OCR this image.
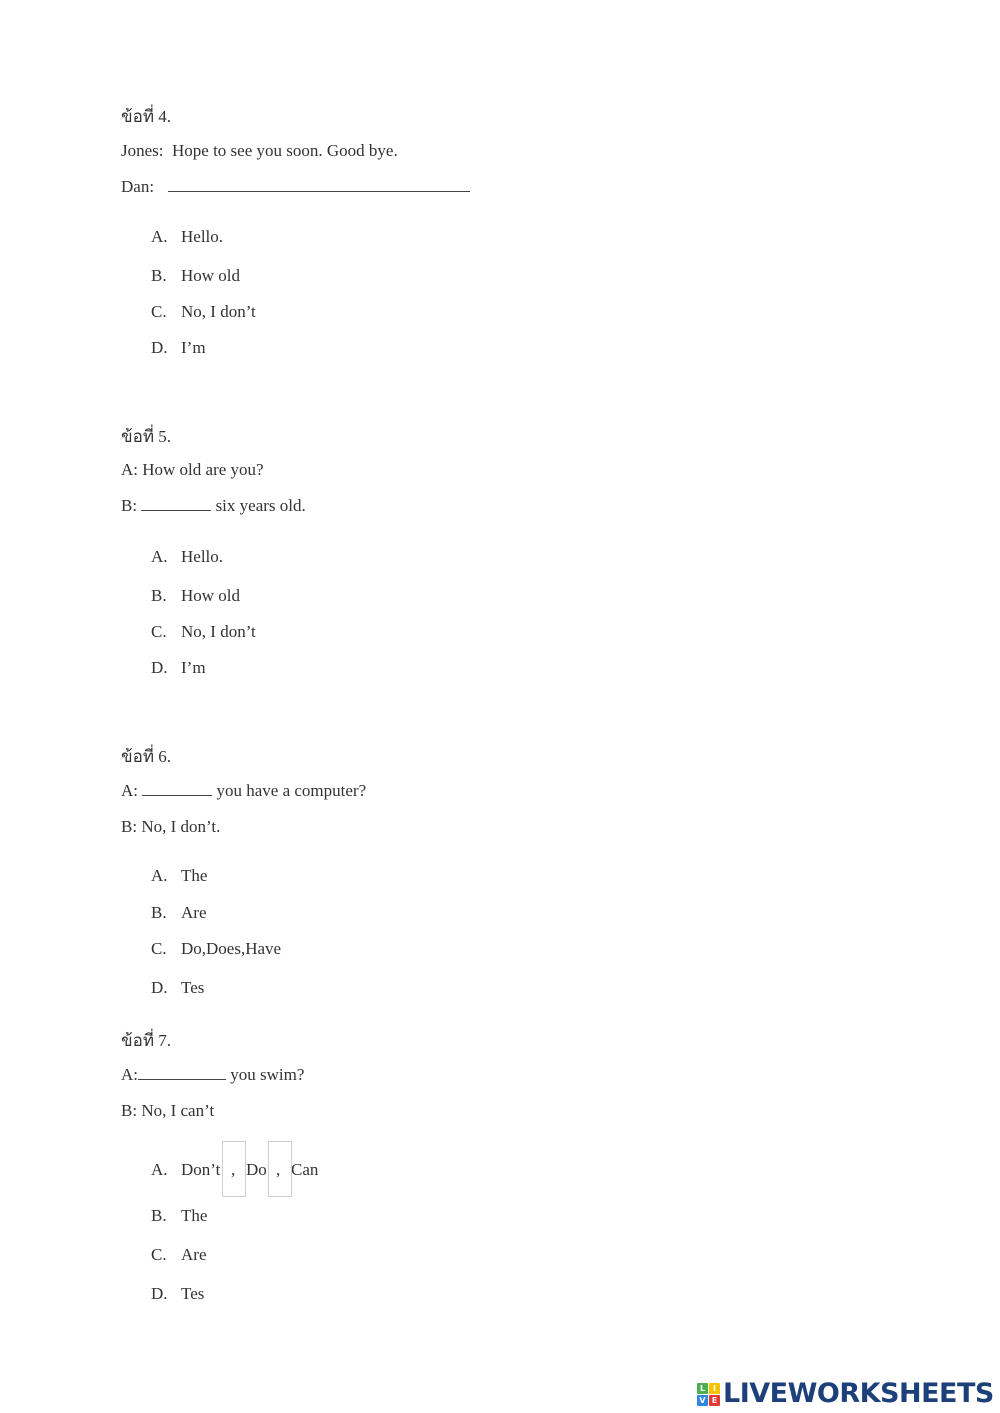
ข้อที่ 4.
Jones: Hope to see you soon. Good bye.
Dan:
A. Hello.
B. How old
C. No, I don’t
D. I’m
ข้อที่ 5.
A: How old are you?
B:	six years old.
A. Hello.
B. How old
C. No, I don’t
D. I’m
ข้อที่ 6.
A:	you have a computer?
B: No, I don’t.
A. The
B. Are
C. Do,Does,Have
D. Tes
ข้อที่ 7.
A:	you swim?
B: No, I can’t
A. Don’t , Do , Can
B. The
C. Are
D. Tes
L I
V E LIVEWORKSHEETS
